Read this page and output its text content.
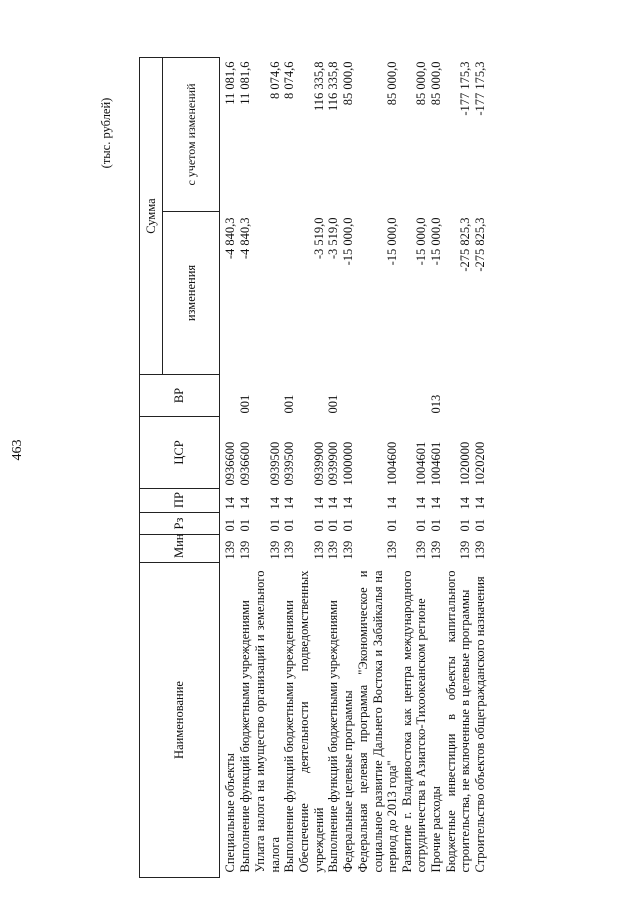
463
(тыс. рублей)
Наименование	Мин	Рз	ПР	ЦСР	ВР	Сумма	
						изменения	с учетом изменений
Специальные объекты	139	01	14	0936600		-4 840,3	11 081,6
Выполнение функций бюджетными учреждениями	139	01	14	0936600	001	-4 840,3	11 081,6
Уплата налога на имущество организаций и земельного налога	139	01	14	0939500			8 074,6
Выполнение функций бюджетными учреждениями	139	01	14	0939500	001		8 074,6
Обеспечение деятельности подведомственных учреждений	139	01	14	0939900		-3 519,0	116 335,8
Выполнение функций бюджетными учреждениями	139	01	14	0939900	001	-3 519,0	116 335,8
Федеральные целевые программы	139	01	14	1000000		-15 000,0	85 000,0
Федеральная целевая программа "Экономическое и социальное развитие Дальнего Востока и Забайкалья на период до 2013 года"	139	01	14	1004600		-15 000,0	85 000,0
Развитие г. Владивостока как центра международного сотрудничества в Азиатско-Тихоокеанском регионе	139	01	14	1004601		-15 000,0	85 000,0
Прочие расходы	139	01	14	1004601	013	-15 000,0	85 000,0
Бюджетные инвестиции в объекты капитального строительства, не включенные в целевые программы	139	01	14	1020000		-275 825,3	-177 175,3
Строительство объектов общегражданского назначения	139	01	14	1020200		-275 825,3	-177 175,3
